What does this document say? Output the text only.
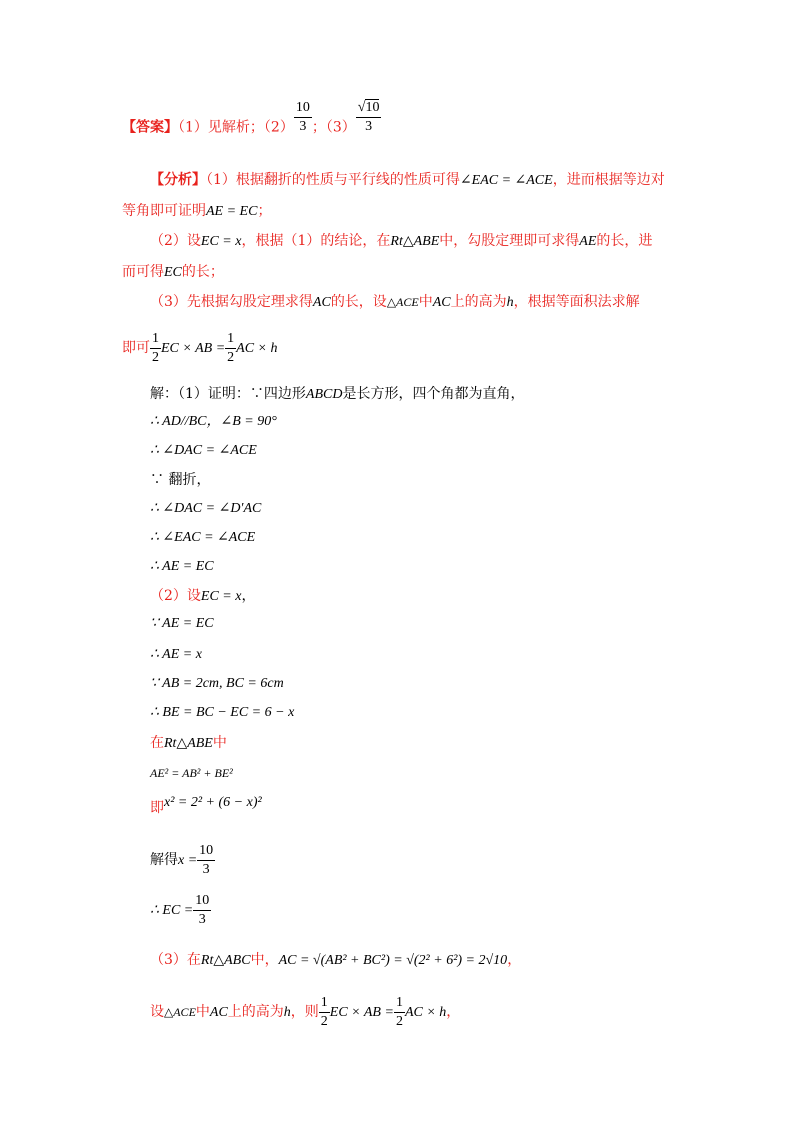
【答案】（1）见解析；$(2) \frac{10}{3}$ ；$(3) \frac{√10}{3}$
【分析】（1）根据翻折的性质与平行线的性质可得∠EAC = ∠ACE，进而根据等边对
等角即可证明AE = EC；
（2）设EC = x，根据（1）的结论，在Rt△ABE中，勾股定理即可求得AE的长，进
而可得EC的长；
（3）先根据勾股定理求得AC的长，设△ACE中AC上的高为h，根据等面积法求解
即可 $\frac{1}{2}$ EC × AB = $\frac{1}{2}$ AC × h
解：（1）证明：∵四边形ABCD是长方形，四个角都为直角，
∴ AD//BC，∠B = 90°
∴ ∠DAC = ∠ACE
∵ 翻折，
∴ ∠DAC = ∠D′AC
∴ ∠EAC = ∠ACE
∴ AE = EC
（2）设EC = x，
∵ AE = EC
∴ AE = x
∵ AB = 2cm, BC = 6cm
∴ BE = BC − EC = 6 − x
在Rt△ABE中
AE² = AB² + BE²
即x² = 2² + (6 − x)²
解得$x = \frac{10}{3}$
∴ EC = $\frac{10}{3}$
（3）在Rt△ABC中，AC = √(AB² + BC²) = √(2² + 6²) = 2√10，
设△ACE中AC上的高为h，则 $\frac{1}{2}$ EC × AB = $\frac{1}{2}$ AC × h，
